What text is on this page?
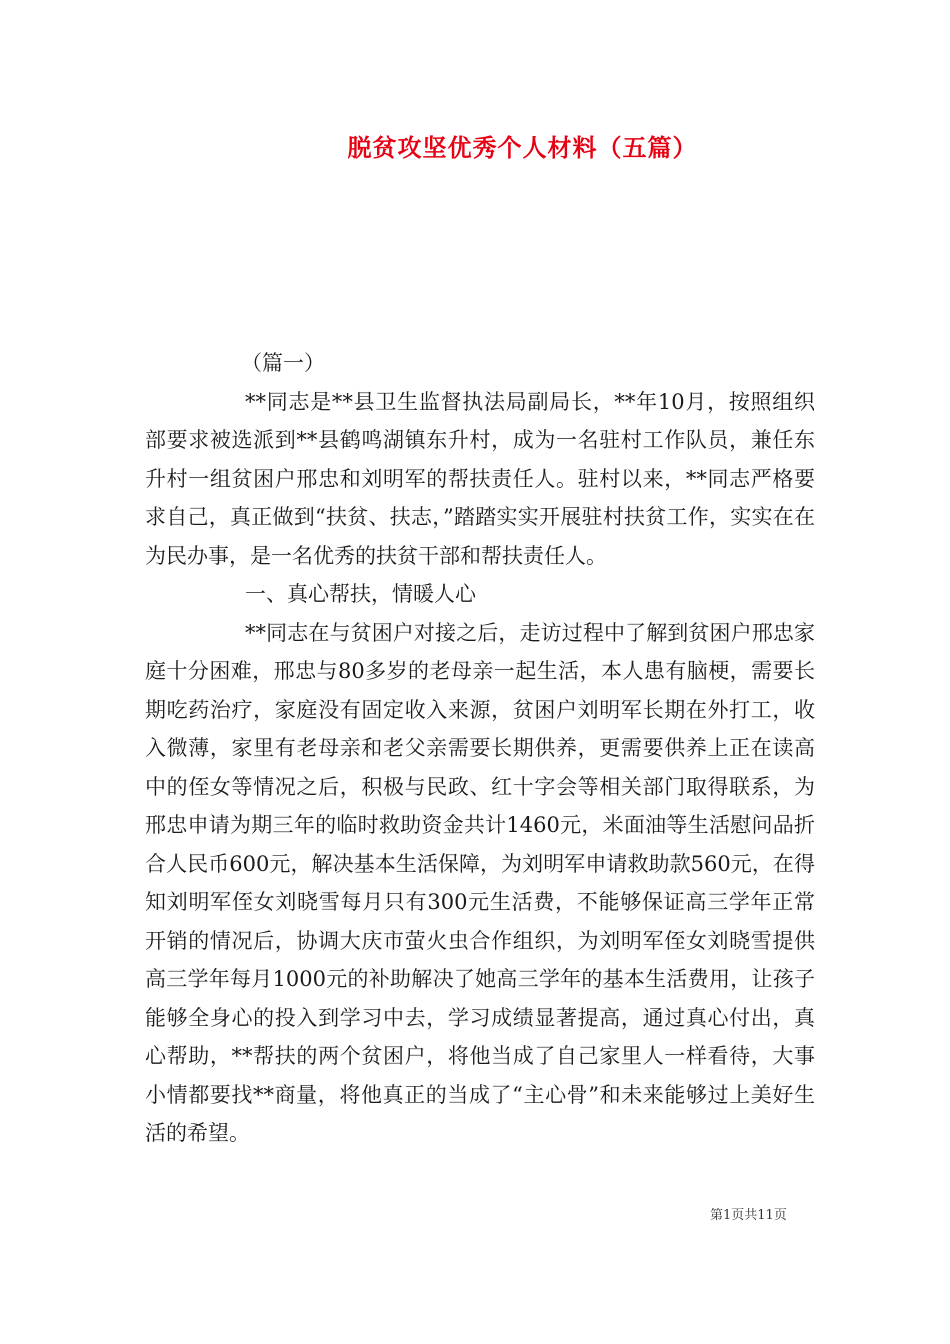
脱贫攻坚优秀个人材料（五篇）

（篇一）

**同志是**县卫生监督执法局副局长，**年10月，按照组织部要求被选派到**县鹤鸣湖镇东升村，成为一名驻村工作队员，兼任东升村一组贫困户邢忠和刘明军的帮扶责任人。驻村以来，**同志严格要求自己，真正做到“扶贫、扶志，”踏踏实实开展驻村扶贫工作，实实在在为民办事，是一名优秀的扶贫干部和帮扶责任人。

一、真心帮扶，情暖人心

**同志在与贫困户对接之后，走访过程中了解到贫困户邢忠家庭十分困难，邢忠与80多岁的老母亲一起生活，本人患有脑梗，需要长期吃药治疗，家庭没有固定收入来源，贫困户刘明军长期在外打工，收入微薄，家里有老母亲和老父亲需要长期供养，更需要供养上正在读高中的侄女等情况之后，积极与民政、红十字会等相关部门取得联系，为邢忠申请为期三年的临时救助资金共计1460元，米面油等生活慰问品折合人民币600元，解决基本生活保障，为刘明军申请救助款560元，在得知刘明军侄女刘晓雪每月只有300元生活费，不能够保证高三学年正常开销的情况后，协调大庆市萤火虫合作组织，为刘明军侄女刘晓雪提供高三学年每月1000元的补助解决了她高三学年的基本生活费用，让孩子能够全身心的投入到学习中去，学习成绩显著提高，通过真心付出，真心帮助，**帮扶的两个贫困户，将他当成了自己家里人一样看待，大事小情都要找**商量，将他真正的当成了“主心骨”和未来能够过上美好生活的希望。

第1页共11页
